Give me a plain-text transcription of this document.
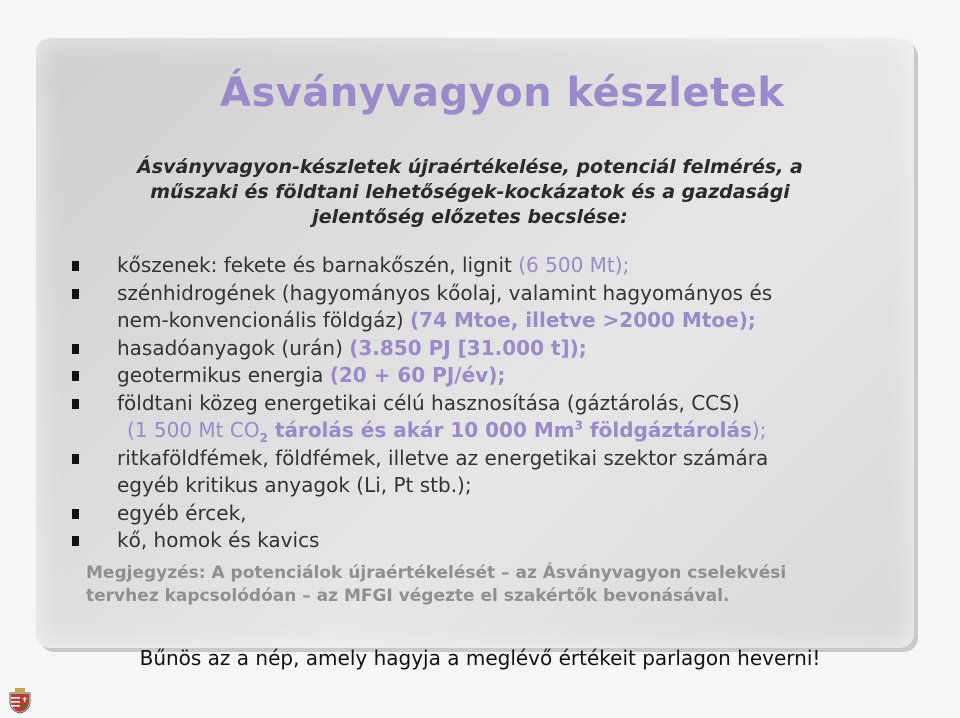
Ásványvagyon készletek
Ásványvagyon-készletek újraértékelése, potenciál felmérés, a
műszaki és földtani lehetőségek-kockázatok és a gazdasági
jelentőség előzetes becslése:
kőszenek: fekete és barnakőszén, lignit (6 500 Mt);
szénhidrogének (hagyományos kőolaj, valamint hagyományos és
nem-konvencionális földgáz) (74 Mtoe, illetve >2000 Mtoe);
hasadóanyagok (urán) (3.850 PJ [31.000 t]);
geotermikus energia (20 + 60 PJ/év);
földtani közeg energetikai célú hasznosítása (gáztárolás, CCS)
(1 500 Mt $CO_2$ tárolás és akár 10 000 Mm$^3$ földgáztárolás);
ritkaföldfémek, földfémek, illetve az energetikai szektor számára
egyéb kritikus anyagok (Li, Pt stb.);
egyéb ércek,
kő, homok és kavics
Megjegyzés: A potenciálok újraértékelését – az Ásványvagyon cselekvési
tervhez kapcsolódóan – az MFGI végezte el szakértők bevonásával.
Bűnös az a nép, amely hagyja a meglévő értékeit parlagon heverni!
